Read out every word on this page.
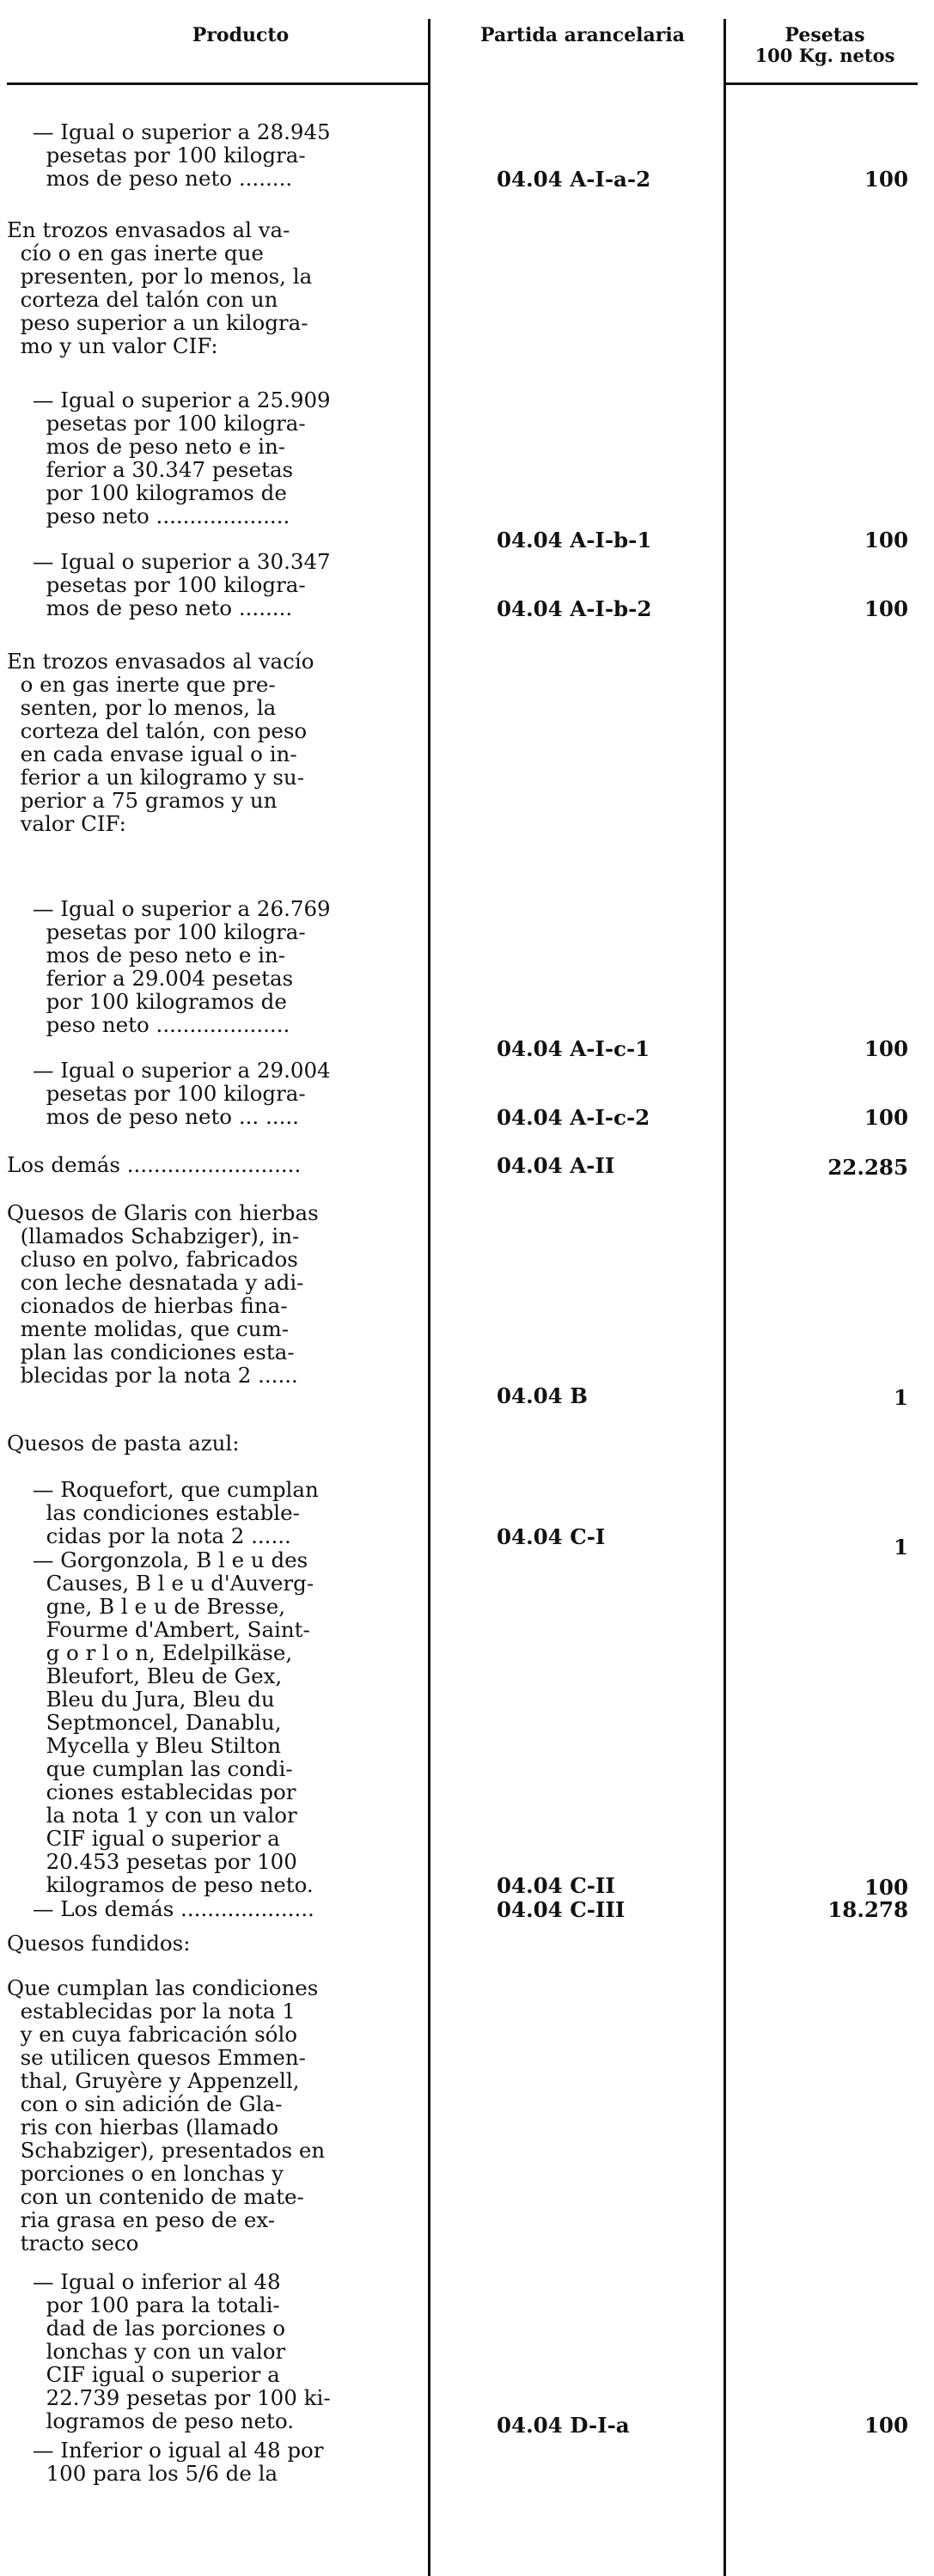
Producto	Partida arancelaria	Pesetas
100 Kg. netos
— Igual o superior a 28.945
pesetas por 100 kilogra-
mos de peso neto ........	04.04 A-I-a-2	100
En trozos envasados al va-
cío o en gas inerte que
presenten, por lo menos, la
corteza del talón con un
peso superior a un kilogra-
mo y un valor CIF:
— Igual o superior a 25.909
pesetas por 100 kilogra-
mos de peso neto e in-
ferior a 30.347 pesetas
por 100 kilogramos de
peso neto ....................
04.04 A-I-b-1	100
— Igual o superior a 30.347
pesetas por 100 kilogra-
mos de peso neto ........	04.04 A-I-b-2	100
En trozos envasados al vacío
o en gas inerte que pre-
senten, por lo menos, la
corteza del talón, con peso
en cada envase igual o in-
ferior a un kilogramo y su-
perior a 75 gramos y un
valor CIF:
— Igual o superior a 26.769
pesetas por 100 kilogra-
mos de peso neto e in-
ferior a 29.004 pesetas
por 100 kilogramos de
peso neto ....................
04.04 A-I-c-1	100
— Igual o superior a 29.004
pesetas por 100 kilogra-
mos de peso neto ... .....	04.04 A-I-c-2	100
Los demás ..........................	04.04 A-II	22.285
Quesos de Glaris con hierbas
(llamados Schabziger), in-
cluso en polvo, fabricados
con leche desnatada y adi-
cionados de hierbas fina-
mente molidas, que cum-
plan las condiciones esta-
blecidas por la nota 2 ......
04.04 B	1
Quesos de pasta azul:
— Roquefort, que cumplan
las condiciones estable-
cidas por la nota 2 ......	04.04 C-I	1
— Gorgonzola, B l e u des
Causes, B l e u d'Auverg-
gne, B l e u de Bresse,
Fourme d'Ambert, Saint-
g o r l o n, Edelpilkäse,
Bleufort, Bleu de Gex,
Bleu du Jura, Bleu du
Septmoncel, Danablu,
Mycella y Bleu Stilton
que cumplan las condi-
ciones establecidas por
la nota 1 y con un valor
CIF igual o superior a
20.453 pesetas por 100
kilogramos de peso neto.	04.04 C-II	100
— Los demás ....................	04.04 C-III	18.278
Quesos fundidos:
Que cumplan las condiciones
establecidas por la nota 1
y en cuya fabricación sólo
se utilicen quesos Emmen-
thal, Gruyère y Appenzell,
con o sin adición de Gla-
ris con hierbas (llamado
Schabziger), presentados en
porciones o en lonchas y
con un contenido de mate-
ria grasa en peso de ex-
tracto seco
— Igual o inferior al 48
por 100 para la totali-
dad de las porciones o
lonchas y con un valor
CIF igual o superior a
22.739 pesetas por 100 ki-
logramos de peso neto.	04.04 D-I-a	100
— Inferior o igual al 48 por
100 para los 5/6 de la
